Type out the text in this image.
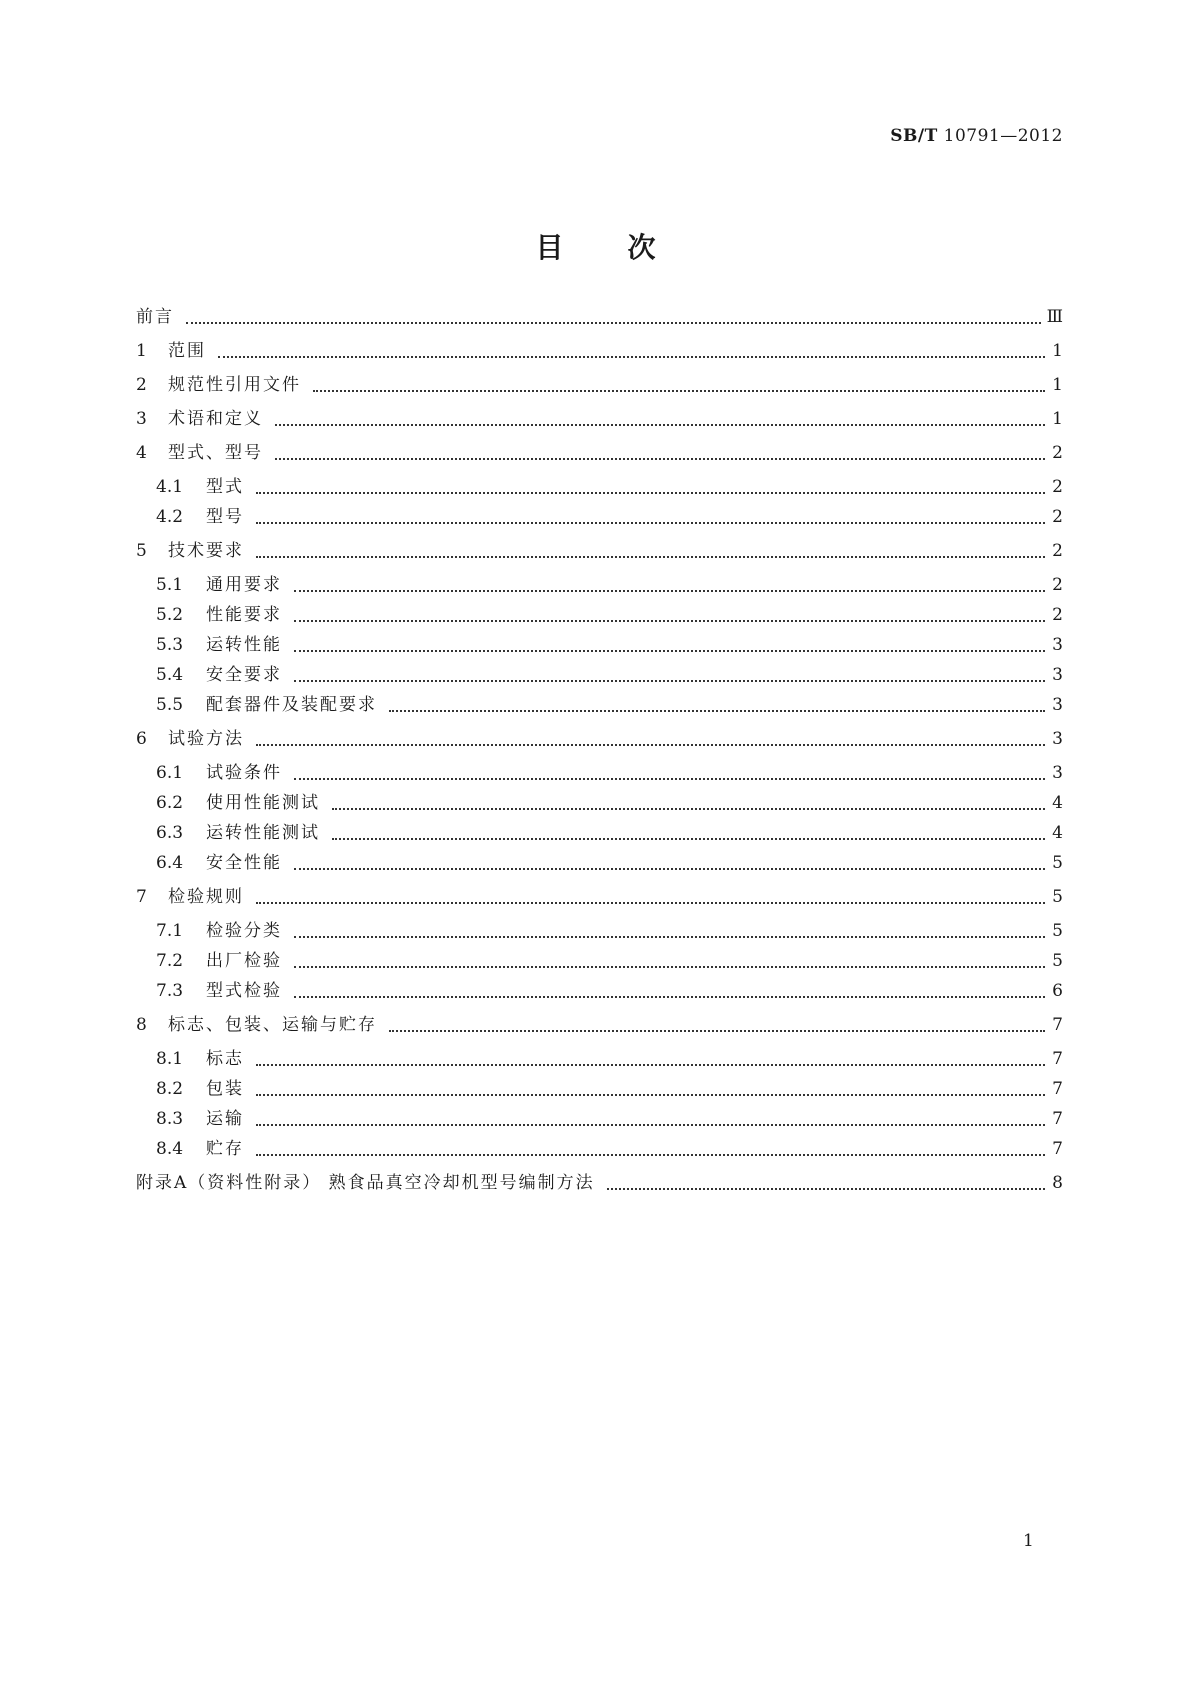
SB/T 10791—2012
目次
前言	Ⅲ
1	范围	1
2	规范性引用文件	1
3	术语和定义	1
4	型式、型号	2
4.1	型式	2
4.2	型号	2
5	技术要求	2
5.1	通用要求	2
5.2	性能要求	2
5.3	运转性能	3
5.4	安全要求	3
5.5	配套器件及装配要求	3
6	试验方法	3
6.1	试验条件	3
6.2	使用性能测试	4
6.3	运转性能测试	4
6.4	安全性能	5
7	检验规则	5
7.1	检验分类	5
7.2	出厂检验	5
7.3	型式检验	6
8	标志、包装、运输与贮存	7
8.1	标志	7
8.2	包装	7
8.3	运输	7
8.4	贮存	7
附录A（资料性附录） 熟食品真空冷却机型号编制方法	8
1
